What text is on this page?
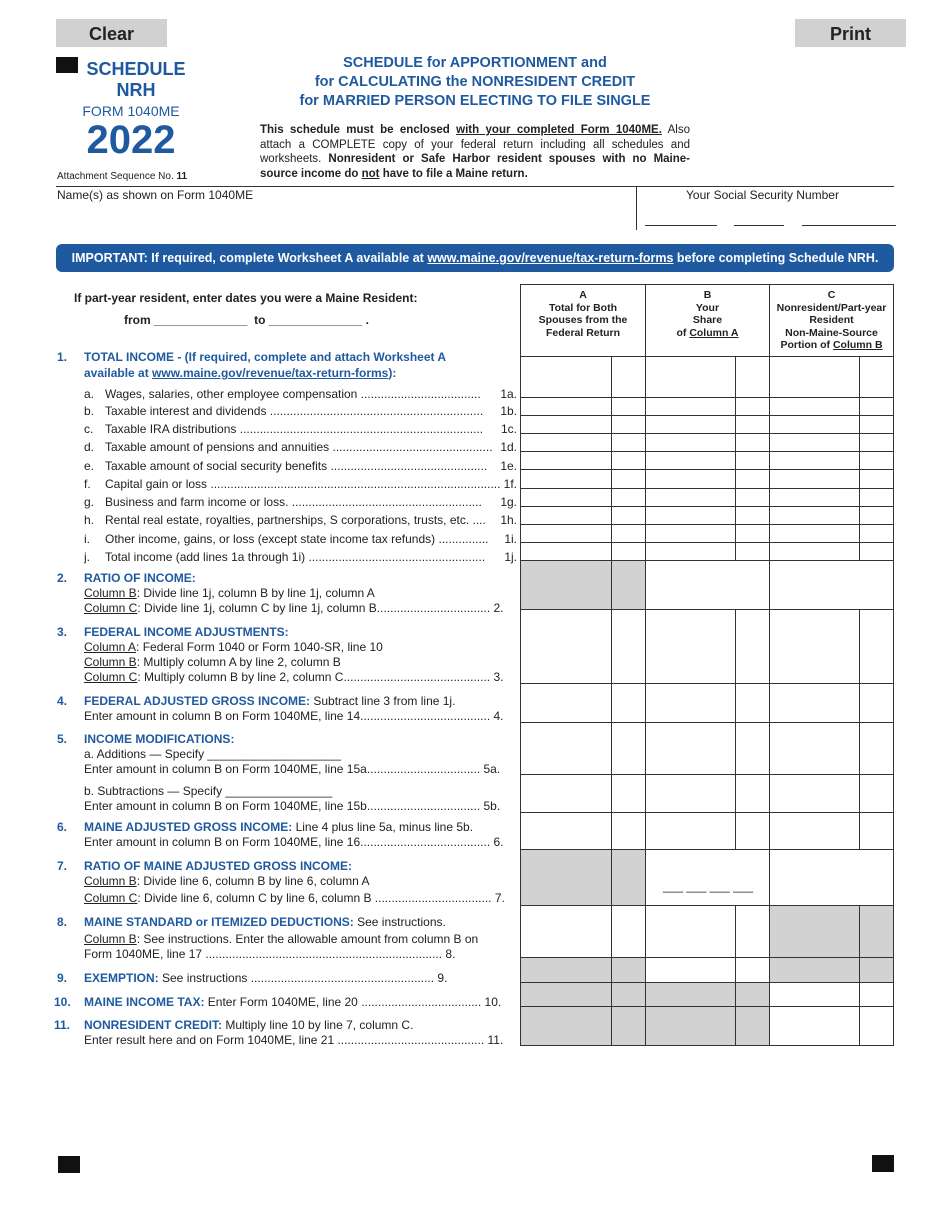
Clear	Print
SCHEDULE
NRH
FORM 1040ME
2022
Attachment Sequence No. 11
SCHEDULE for APPORTIONMENT and
for CALCULATING the NONRESIDENT CREDIT
for MARRIED PERSON ELECTING TO FILE SINGLE
This schedule must be enclosed with your completed Form 1040ME. Also attach a COMPLETE copy of your federal return including all schedules and worksheets. Nonresident or Safe Harbor resident spouses with no Maine-source income do not have to file a Maine return.
Name(s) as shown on Form 1040ME	Your Social Security Number
IMPORTANT: If required, complete Worksheet A available at www.maine.gov/revenue/tax-return-forms before completing Schedule NRH.
If part-year resident, enter dates you were a Maine Resident:
from ______________ to ______________ .
A
Total for Both
Spouses from the
Federal Return
B
Your
Share
of Column A
C
Nonresident/Part-year
Resident
Non-Maine-Source
Portion of Column B
___ ___ ___ ___
1. TOTAL INCOME - (If required, complete and attach Worksheet A
available at www.maine.gov/revenue/tax-return-forms):
a. Wages, salaries, other employee compensation .................................... 1a.
b. Taxable interest and dividends ................................................................ 1b.
c. Taxable IRA distributions ......................................................................... 1c.
d. Taxable amount of pensions and annuities ................................................ 1d.
e. Taxable amount of social security benefits ............................................... 1e.
f. Capital gain or loss ....................................................................................... 1f.
g. Business and farm income or loss. ......................................................... 1g.
h. Rental real estate, royalties, partnerships, S corporations, trusts, etc. .... 1h.
i. Other income, gains, or loss (except state income tax refunds) ............... 1i.
j. Total income (add lines 1a through 1i) ..................................................... 1j.
2. RATIO OF INCOME:
Column B: Divide line 1j, column B by line 1j, column A
Column C: Divide line 1j, column C by line 1j, column B.................................. 2.
3. FEDERAL INCOME ADJUSTMENTS:
Column A: Federal Form 1040 or Form 1040-SR, line 10
Column B: Multiply column A by line 2, column B
Column C: Multiply column B by line 2, column C............................................ 3.
4. FEDERAL ADJUSTED GROSS INCOME: Subtract line 3 from line 1j.
Enter amount in column B on Form 1040ME, line 14....................................... 4.
5. INCOME MODIFICATIONS:
a. Additions — Specify ____________________
Enter amount in column B on Form 1040ME, line 15a.................................. 5a.
b. Subtractions — Specify ________________
Enter amount in column B on Form 1040ME, line 15b.................................. 5b.
6. MAINE ADJUSTED GROSS INCOME: Line 4 plus line 5a, minus line 5b.
Enter amount in column B on Form 1040ME, line 16....................................... 6.
7. RATIO OF MAINE ADJUSTED GROSS INCOME:
Column B: Divide line 6, column B by line 6, column A
Column C: Divide line 6, column C by line 6, column B ................................... 7.
8. MAINE STANDARD or ITEMIZED DEDUCTIONS: See instructions.
Column B: See instructions. Enter the allowable amount from column B on
Form 1040ME, line 17 ....................................................................... 8.
9. EXEMPTION: See instructions ....................................................... 9.
10. MAINE INCOME TAX: Enter Form 1040ME, line 20 .................................... 10.
11. NONRESIDENT CREDIT: Multiply line 10 by line 7, column C.
Enter result here and on Form 1040ME, line 21 ............................................ 11.
